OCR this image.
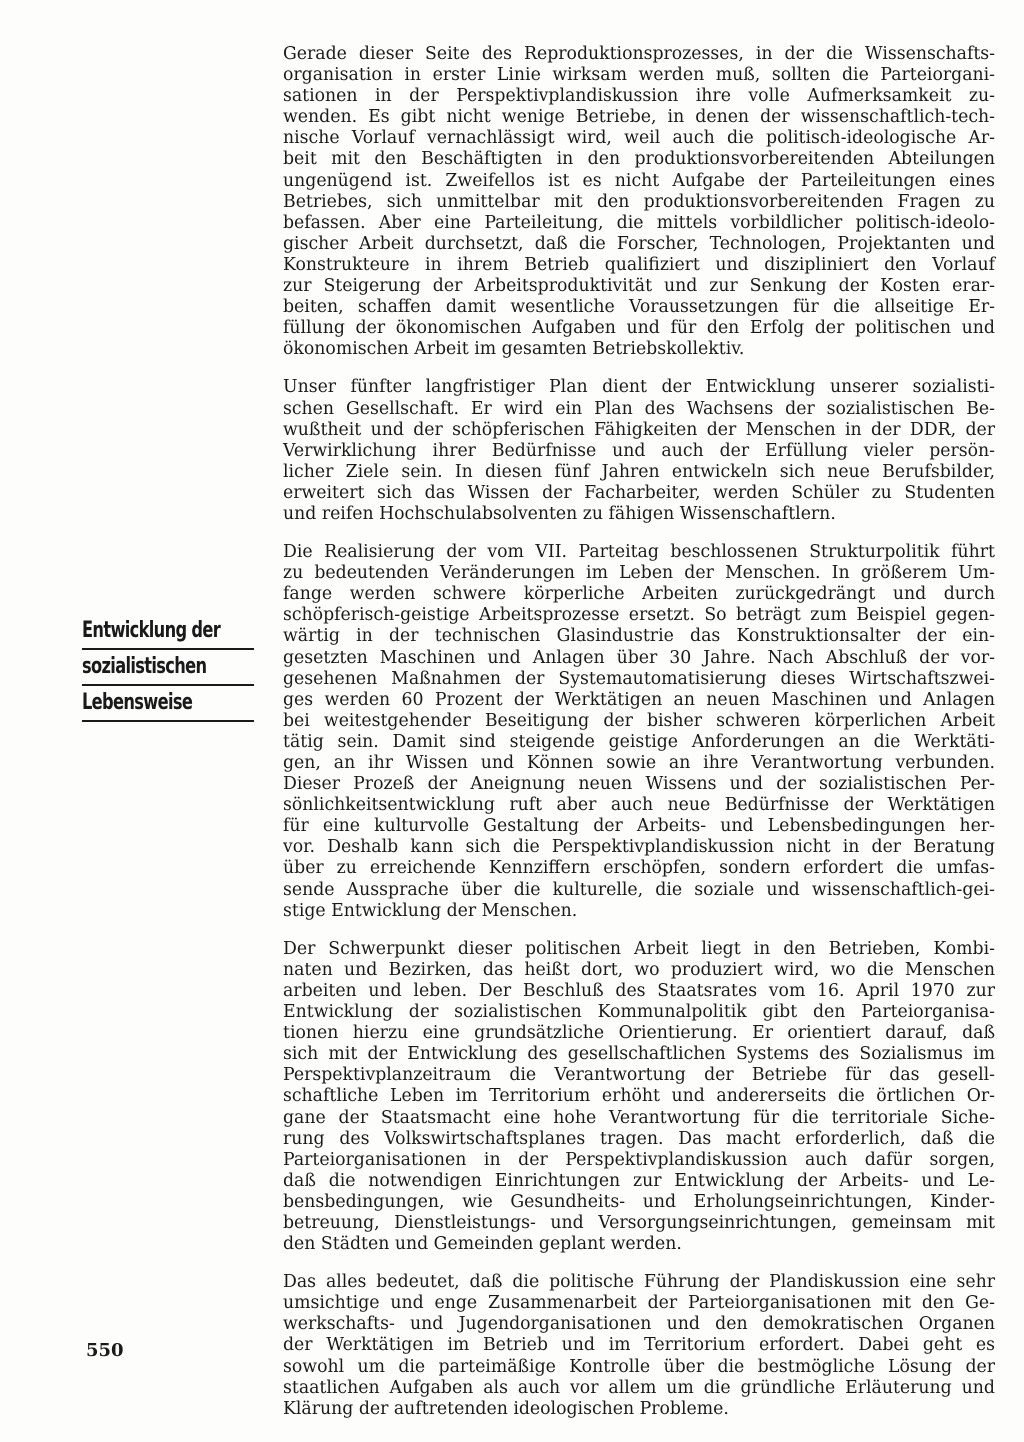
Entwicklung der
sozialistischen
Lebensweise
Gerade dieser Seite des Reproduktionsprozesses, in der die Wissenschafts-
organisation in erster Linie wirksam werden muß, sollten die Parteiorgani-
sationen in der Perspektivplandiskussion ihre volle Aufmerksamkeit zu-
wenden. Es gibt nicht wenige Betriebe, in denen der wissenschaftlich-tech-
nische Vorlauf vernachlässigt wird, weil auch die politisch-ideologische Ar-
beit mit den Beschäftigten in den produktionsvorbereitenden Abteilungen
ungenügend ist. Zweifellos ist es nicht Aufgabe der Parteileitungen eines
Betriebes, sich unmittelbar mit den produktionsvorbereitenden Fragen zu
befassen. Aber eine Parteileitung, die mittels vorbildlicher politisch-ideolo-
gischer Arbeit durchsetzt, daß die Forscher, Technologen, Projektanten und
Konstrukteure in ihrem Betrieb qualifiziert und diszipliniert den Vorlauf
zur Steigerung der Arbeitsproduktivität und zur Senkung der Kosten erar-
beiten, schaffen damit wesentliche Voraussetzungen für die allseitige Er-
füllung der ökonomischen Aufgaben und für den Erfolg der politischen und
ökonomischen Arbeit im gesamten Betriebskollektiv.
Unser fünfter langfristiger Plan dient der Entwicklung unserer sozialisti-
schen Gesellschaft. Er wird ein Plan des Wachsens der sozialistischen Be-
wußtheit und der schöpferischen Fähigkeiten der Menschen in der DDR, der
Verwirklichung ihrer Bedürfnisse und auch der Erfüllung vieler persön-
licher Ziele sein. In diesen fünf Jahren entwickeln sich neue Berufsbilder,
erweitert sich das Wissen der Facharbeiter, werden Schüler zu Studenten
und reifen Hochschulabsolventen zu fähigen Wissenschaftlern.
Die Realisierung der vom VII. Parteitag beschlossenen Strukturpolitik führt
zu bedeutenden Veränderungen im Leben der Menschen. In größerem Um-
fange werden schwere körperliche Arbeiten zurückgedrängt und durch
schöpferisch-geistige Arbeitsprozesse ersetzt. So beträgt zum Beispiel gegen-
wärtig in der technischen Glasindustrie das Konstruktionsalter der ein-
gesetzten Maschinen und Anlagen über 30 Jahre. Nach Abschluß der vor-
gesehenen Maßnahmen der Systemautomatisierung dieses Wirtschaftszwei-
ges werden 60 Prozent der Werktätigen an neuen Maschinen und Anlagen
bei weitestgehender Beseitigung der bisher schweren körperlichen Arbeit
tätig sein. Damit sind steigende geistige Anforderungen an die Werktäti-
gen, an ihr Wissen und Können sowie an ihre Verantwortung verbunden.
Dieser Prozeß der Aneignung neuen Wissens und der sozialistischen Per-
sönlichkeitsentwicklung ruft aber auch neue Bedürfnisse der Werktätigen
für eine kulturvolle Gestaltung der Arbeits- und Lebensbedingungen her-
vor. Deshalb kann sich die Perspektivplandiskussion nicht in der Beratung
über zu erreichende Kennziffern erschöpfen, sondern erfordert die umfas-
sende Aussprache über die kulturelle, die soziale und wissenschaftlich-gei-
stige Entwicklung der Menschen.
Der Schwerpunkt dieser politischen Arbeit liegt in den Betrieben, Kombi-
naten und Bezirken, das heißt dort, wo produziert wird, wo die Menschen
arbeiten und leben. Der Beschluß des Staatsrates vom 16. April 1970 zur
Entwicklung der sozialistischen Kommunalpolitik gibt den Parteiorganisa-
tionen hierzu eine grundsätzliche Orientierung. Er orientiert darauf, daß
sich mit der Entwicklung des gesellschaftlichen Systems des Sozialismus im
Perspektivplanzeitraum die Verantwortung der Betriebe für das gesell-
schaftliche Leben im Territorium erhöht und andererseits die örtlichen Or-
gane der Staatsmacht eine hohe Verantwortung für die territoriale Siche-
rung des Volkswirtschaftsplanes tragen. Das macht erforderlich, daß die
Parteiorganisationen in der Perspektivplandiskussion auch dafür sorgen,
daß die notwendigen Einrichtungen zur Entwicklung der Arbeits- und Le-
bensbedingungen, wie Gesundheits- und Erholungseinrichtungen, Kinder-
betreuung, Dienstleistungs- und Versorgungseinrichtungen, gemeinsam mit
den Städten und Gemeinden geplant werden.
Das alles bedeutet, daß die politische Führung der Plandiskussion eine sehr
umsichtige und enge Zusammenarbeit der Parteiorganisationen mit den Ge-
werkschafts- und Jugendorganisationen und den demokratischen Organen
der Werktätigen im Betrieb und im Territorium erfordert. Dabei geht es
sowohl um die parteimäßige Kontrolle über die bestmögliche Lösung der
staatlichen Aufgaben als auch vor allem um die gründliche Erläuterung und
Klärung der auftretenden ideologischen Probleme.
550
